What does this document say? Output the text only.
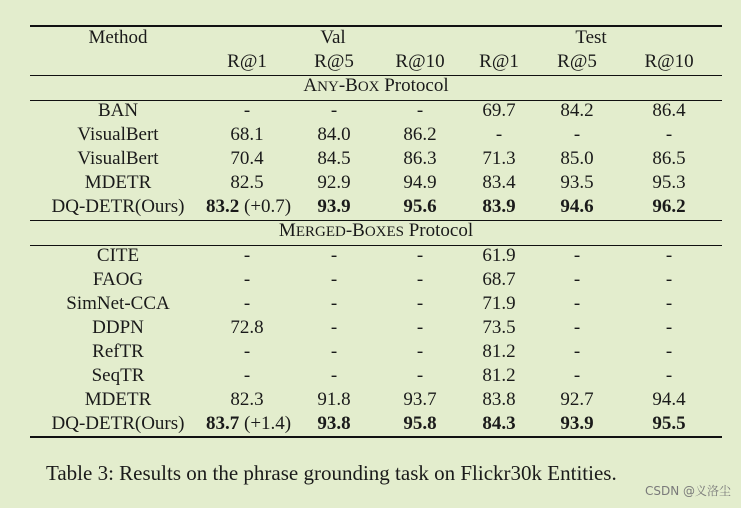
Method	Val			Test		
	R@1	R@5	R@10	R@1	R@5	R@10
ANY-BOX Protocol						
BAN	-	-	-	69.7	84.2	86.4
VisualBert	68.1	84.0	86.2	-	-	-
VisualBert	70.4	84.5	86.3	71.3	85.0	86.5
MDETR	82.5	92.9	94.9	83.4	93.5	95.3
DQ-DETR(Ours)	83.2 (+0.7)	93.9	95.6	83.9	94.6	96.2
MERGED-BOXES Protocol						
CITE	-	-	-	61.9	-	-
FAOG	-	-	-	68.7	-	-
SimNet-CCA	-	-	-	71.9	-	-
DDPN	72.8	-	-	73.5	-	-
RefTR	-	-	-	81.2	-	-
SeqTR	-	-	-	81.2	-	-
MDETR	82.3	91.8	93.7	83.8	92.7	94.4
DQ-DETR(Ours)	83.7 (+1.4)	93.8	95.8	84.3	93.9	95.5
Table 3: Results on the phrase grounding task on Flickr30k Entities.
CSDN @义洛尘
